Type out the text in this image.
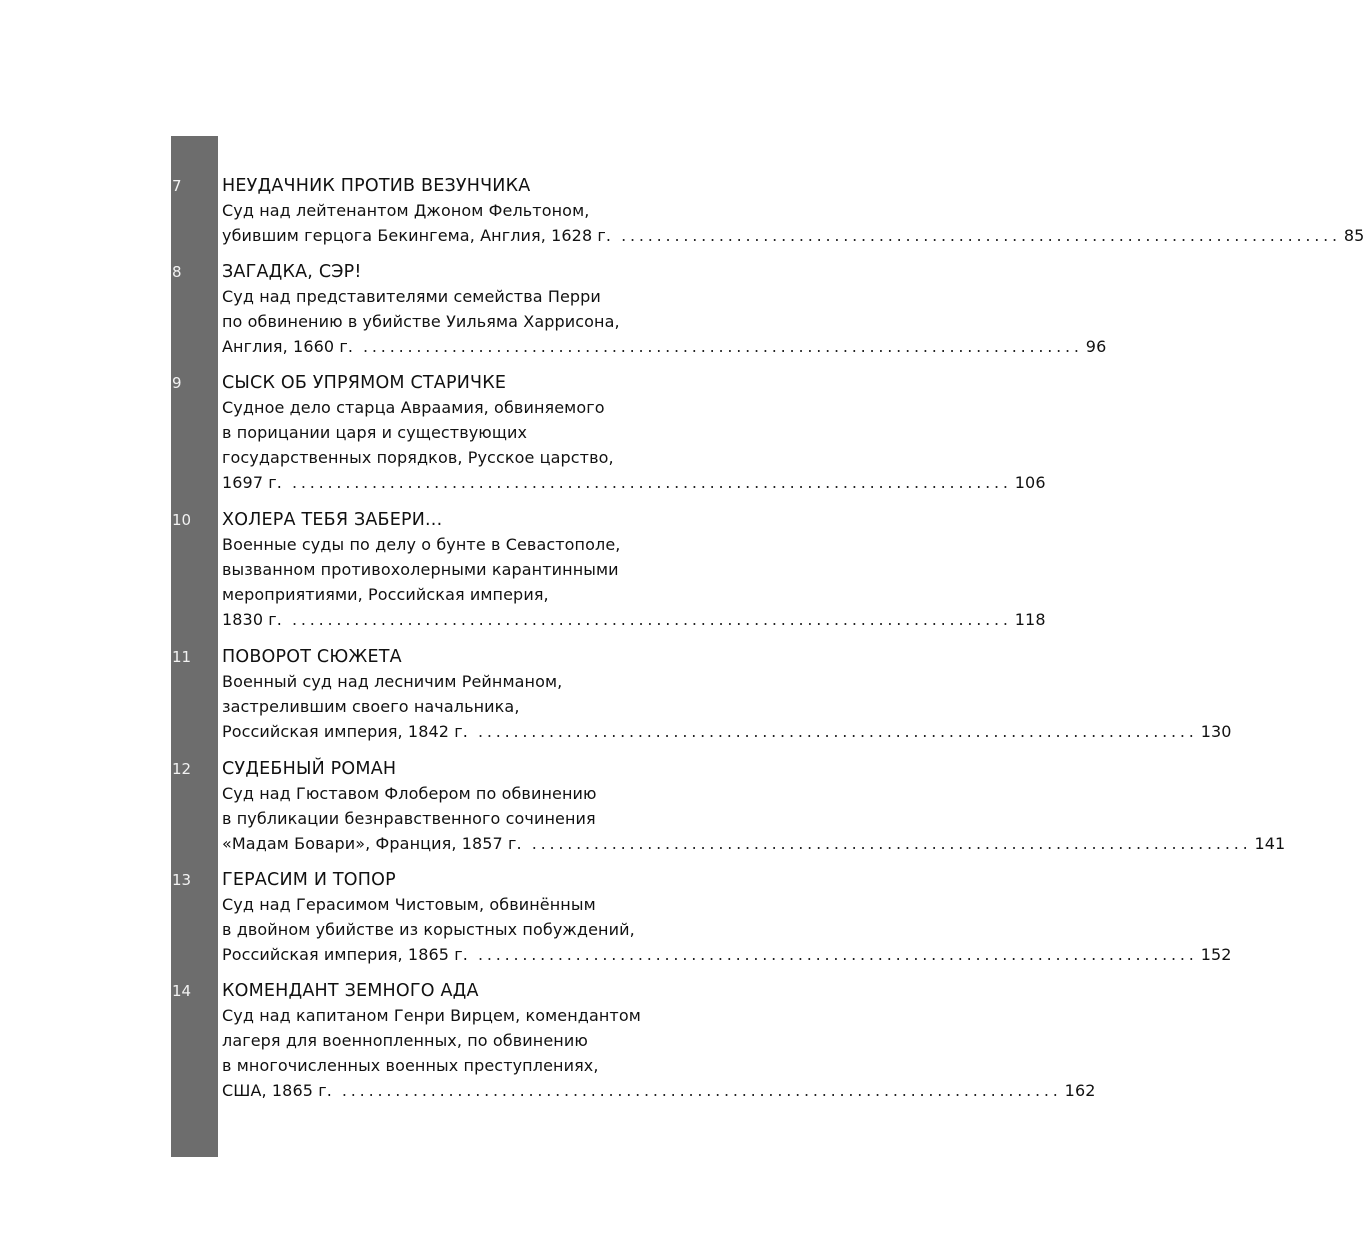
7	НЕУДАЧНИК ПРОТИВ ВЕЗУНЧИКА
Суд над лейтенантом Джоном Фельтоном,
убившим герцога Бекингема, Англия, 1628 г. ................................................................................. 85
8	ЗАГАДКА, СЭР!
Суд над представителями семейства Перри
по обвинению в убийстве Уильяма Харрисона,
Англия, 1660 г. ................................................................................. 96
9	СЫСК ОБ УПРЯМОМ СТАРИЧКЕ
Судное дело старца Авраамия, обвиняемого
в порицании царя и существующих
государственных порядков, Русское царство,
1697 г. ................................................................................. 106
10	ХОЛЕРА ТЕБЯ ЗАБЕРИ...
Военные суды по делу о бунте в Севастополе,
вызванном противохолерными карантинными
мероприятиями, Российская империя,
1830 г. ................................................................................. 118
11	ПОВОРОТ СЮЖЕТА
Военный суд над лесничим Рейнманом,
застрелившим своего начальника,
Российская империя, 1842 г. ................................................................................. 130
12	СУДЕБНЫЙ РОМАН
Суд над Гюставом Флобером по обвинению
в публикации безнравственного сочинения
«Мадам Бовари», Франция, 1857 г. ................................................................................. 141
13	ГЕРАСИМ И ТОПОР
Суд над Герасимом Чистовым, обвинённым
в двойном убийстве из корыстных побуждений,
Российская империя, 1865 г. ................................................................................. 152
14	КОМЕНДАНТ ЗЕМНОГО АДА
Суд над капитаном Генри Вирцем, комендантом
лагеря для военнопленных, по обвинению
в многочисленных военных преступлениях,
США, 1865 г. ................................................................................. 162
